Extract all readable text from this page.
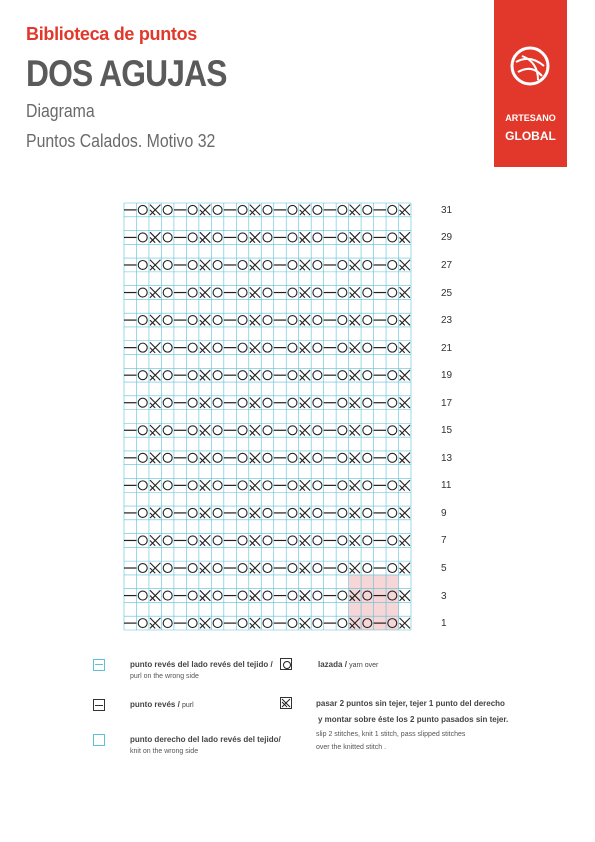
Biblioteca de puntos
DOS AGUJAS
Diagrama
Puntos Calados. Motivo 32
ARTESANO
GLOBAL
31
29
27
25
23
21
19
17
15
13
11
9
7
5
3
1
punto revés del lado revés del tejido /
purl on the wrong side
punto revés / purl
punto derecho del lado revés del tejido/
knit on the wrong side
lazada / yarn over
pasar 2 puntos sin tejer, tejer 1 punto del derecho
y montar sobre éste los 2 punto pasados sin tejer.
slip 2 stitches, knit 1 stitch, pass slipped stitches
over the knitted stitch .
